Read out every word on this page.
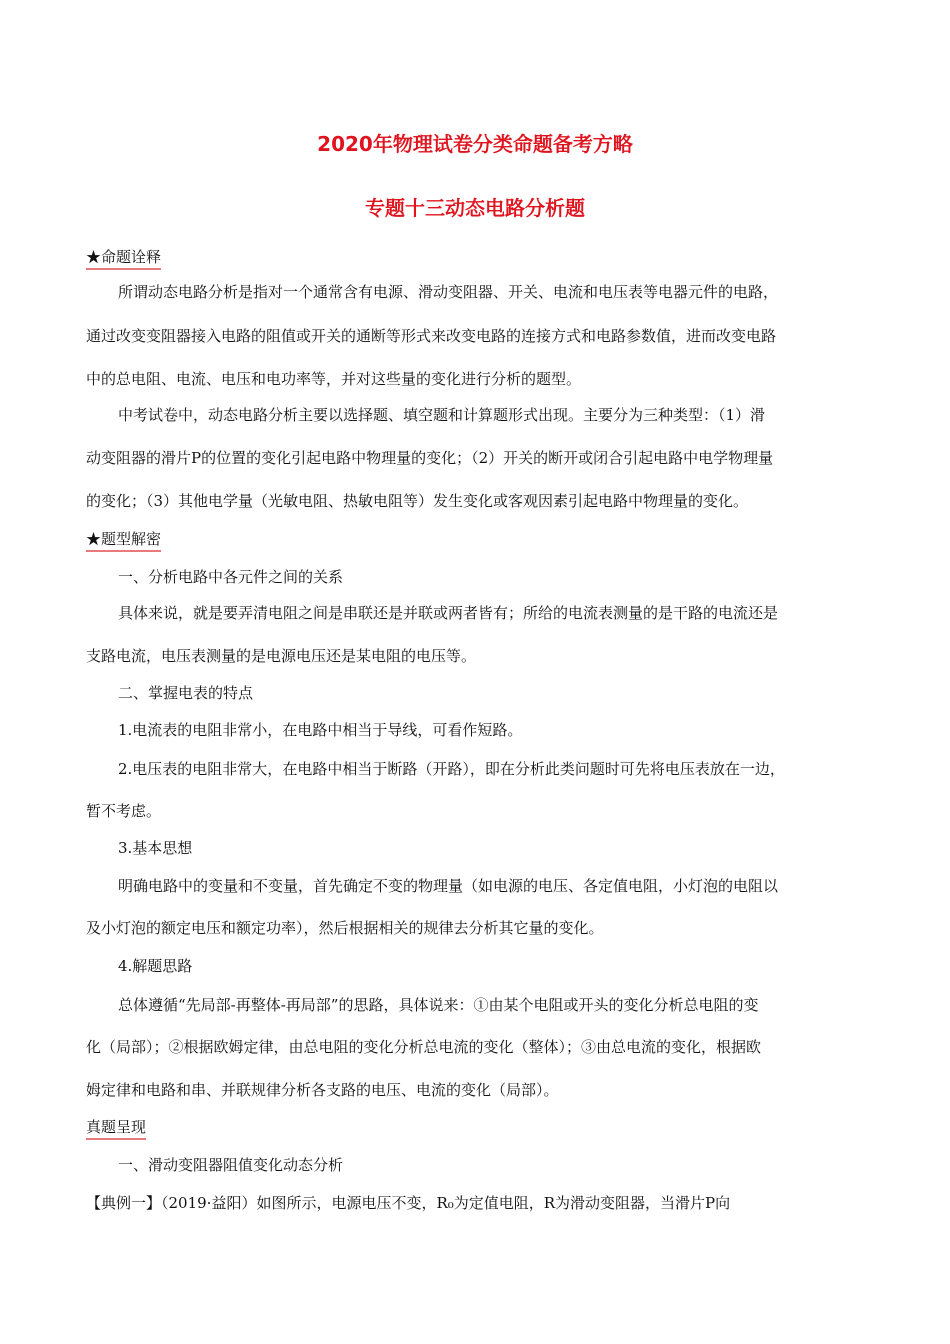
2020年物理试卷分类命题备考方略
专题十三动态电路分析题
★命题诠释
所谓动态电路分析是指对一个通常含有电源、滑动变阻器、开关、电流和电压表等电器元件的电路，
通过改变变阻器接入电路的阻值或开关的通断等形式来改变电路的连接方式和电路参数值，进而改变电路
中的总电阻、电流、电压和电功率等，并对这些量的变化进行分析的题型。
中考试卷中，动态电路分析主要以选择题、填空题和计算题形式出现。主要分为三种类型：（1）滑
动变阻器的滑片P的位置的变化引起电路中物理量的变化；（2）开关的断开或闭合引起电路中电学物理量
的变化；（3）其他电学量（光敏电阻、热敏电阻等）发生变化或客观因素引起电路中物理量的变化。
★题型解密
一、分析电路中各元件之间的关系
具体来说，就是要弄清电阻之间是串联还是并联或两者皆有；所给的电流表测量的是干路的电流还是
支路电流，电压表测量的是电源电压还是某电阻的电压等。
二、掌握电表的特点
1.电流表的电阻非常小，在电路中相当于导线，可看作短路。
2.电压表的电阻非常大，在电路中相当于断路（开路），即在分析此类问题时可先将电压表放在一边，
暂不考虑。
3.基本思想
明确电路中的变量和不变量，首先确定不变的物理量（如电源的电压、各定值电阻，小灯泡的电阻以
及小灯泡的额定电压和额定功率），然后根据相关的规律去分析其它量的变化。
4.解题思路
总体遵循“先局部-再整体-再局部”的思路，具体说来：①由某个电阻或开头的变化分析总电阻的变
化（局部）；②根据欧姆定律，由总电阻的变化分析总电流的变化（整体）；③由总电流的变化，根据欧
姆定律和电路和串、并联规律分析各支路的电压、电流的变化（局部）。
真题呈现
一、滑动变阻器阻值变化动态分析
【典例一】（2019·益阳）如图所示，电源电压不变，R₀为定值电阻，R为滑动变阻器，当滑片P向
